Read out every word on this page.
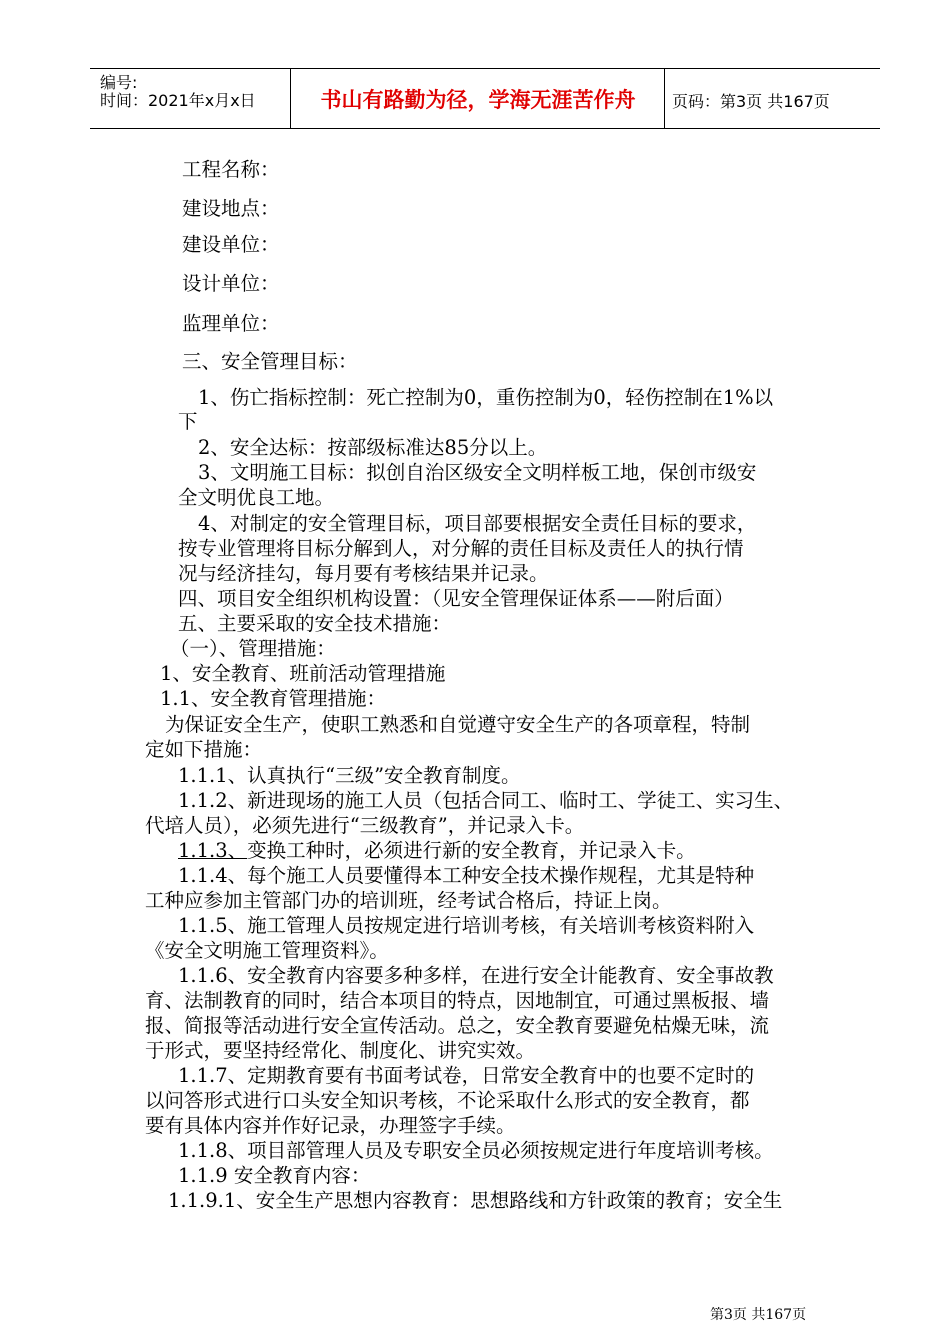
编号:
时间：2021年x月x日	书山有路勤为径，学海无涯苦作舟	页码：第3页 共167页
工程名称：
建设地点：
建设单位：
设计单位：
监理单位：
三、安全管理目标：
1、伤亡指标控制：死亡控制为0，重伤控制为0，轻伤控制在1%以
下
2、安全达标：按部级标准达85分以上。
3、文明施工目标：拟创自治区级安全文明样板工地，保创市级安
全文明优良工地。
4、对制定的安全管理目标，项目部要根据安全责任目标的要求，
按专业管理将目标分解到人，对分解的责任目标及责任人的执行情
况与经济挂勾，每月要有考核结果并记录。
四、项目安全组织机构设置：（见安全管理保证体系——附后面）
五、主要采取的安全技术措施：
（一）、管理措施：
1、安全教育、班前活动管理措施
1.1、安全教育管理措施：
为保证安全生产，使职工熟悉和自觉遵守安全生产的各项章程，特制
定如下措施：
1.1.1、认真执行“三级”安全教育制度。
1.1.2、新进现场的施工人员（包括合同工、临时工、学徒工、实习生、
代培人员），必须先进行“三级教育”，并记录入卡。
1.1.3、变换工种时，必须进行新的安全教育，并记录入卡。
1.1.4、每个施工人员要懂得本工种安全技术操作规程，尤其是特种
工种应参加主管部门办的培训班，经考试合格后，持证上岗。
1.1.5、施工管理人员按规定进行培训考核，有关培训考核资料附入
《安全文明施工管理资料》。
1.1.6、安全教育内容要多种多样，在进行安全计能教育、安全事故教
育、法制教育的同时，结合本项目的特点，因地制宜，可通过黑板报、墙
报、简报等活动进行安全宣传活动。总之，安全教育要避免枯燥无味，流
于形式，要坚持经常化、制度化、讲究实效。
1.1.7、定期教育要有书面考试卷，日常安全教育中的也要不定时的
以问答形式进行口头安全知识考核，不论采取什么形式的安全教育，都
要有具体内容并作好记录，办理签字手续。
1.1.8、项目部管理人员及专职安全员必须按规定进行年度培训考核。
1.1.9 安全教育内容：
1.1.9.1、安全生产思想内容教育：思想路线和方针政策的教育；安全生
第3页 共167页
